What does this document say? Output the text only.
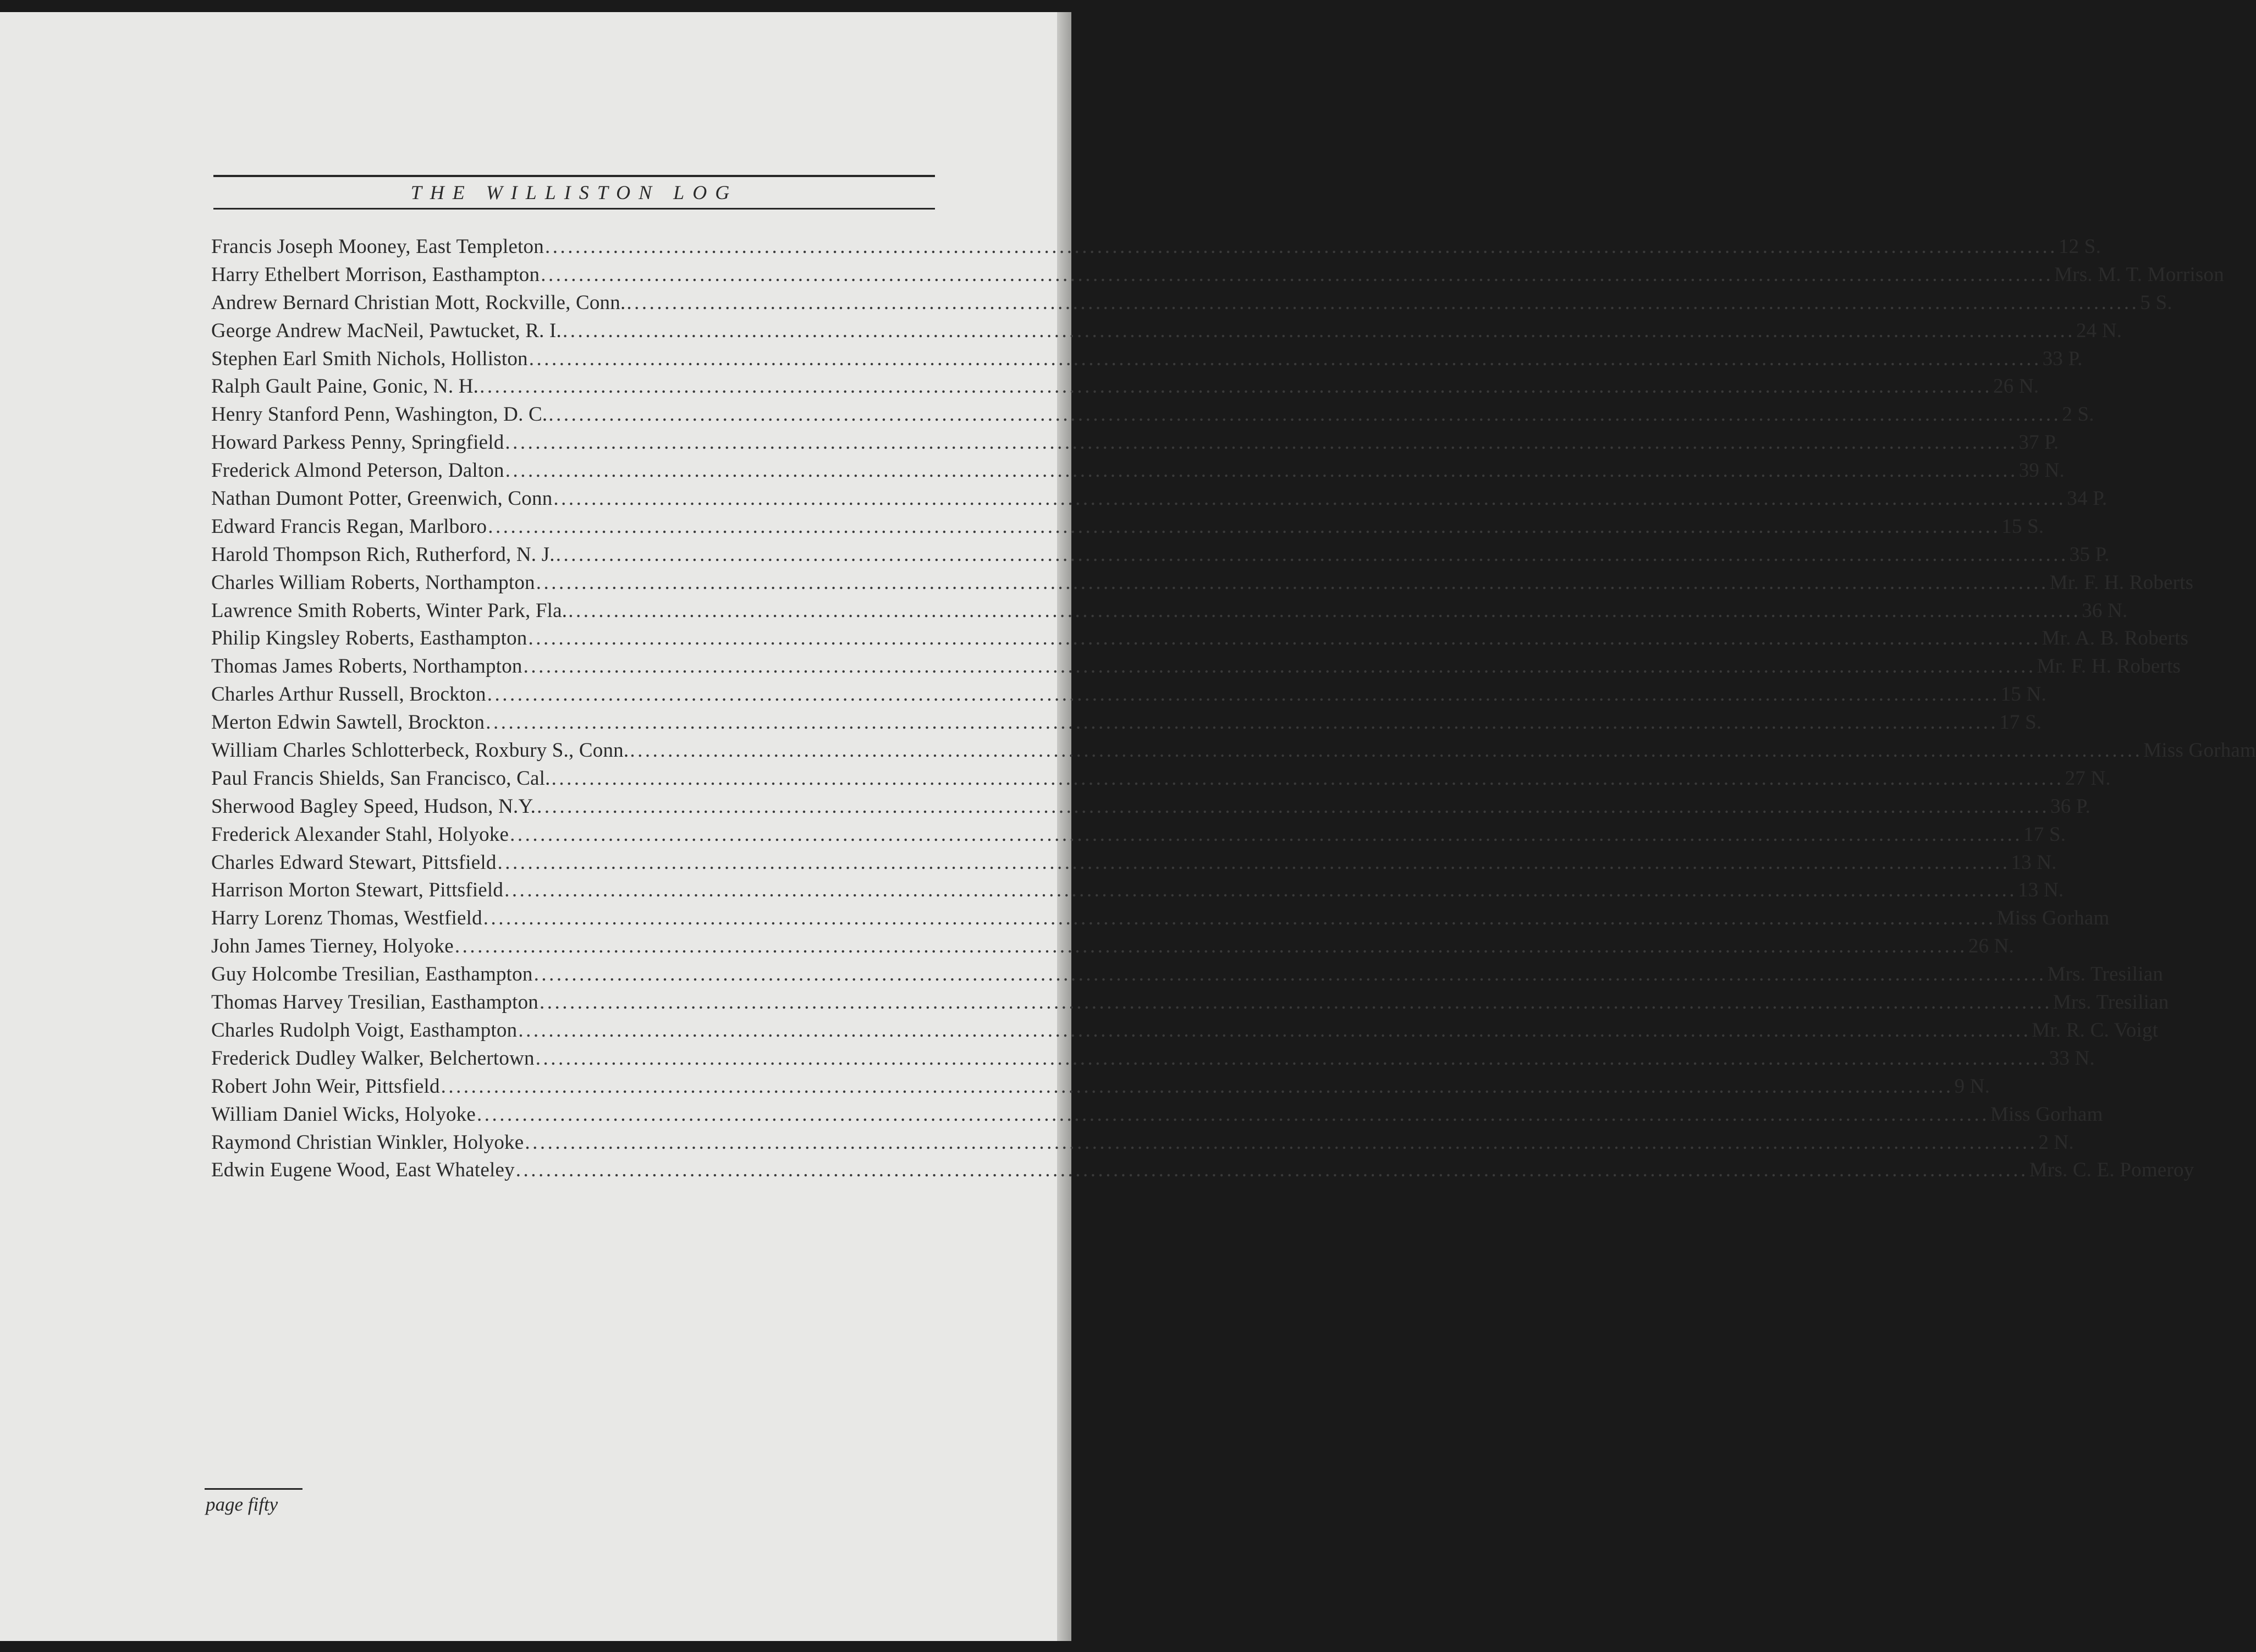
THE WILLISTON LOG
Francis Joseph Mooney, East Templeton ........................................................................................................................................................................................................ 12 S.
Harry Ethelbert Morrison, Easthampton ........................................................................................................................................................................................................ Mrs. M. T. Morrison
Andrew Bernard Christian Mott, Rockville, Conn. ........................................................................................................................................................................................................ 5 S.
George Andrew MacNeil, Pawtucket, R. I. ........................................................................................................................................................................................................ 24 N.
Stephen Earl Smith Nichols, Holliston ........................................................................................................................................................................................................ 33 P.
Ralph Gault Paine, Gonic, N. H. ........................................................................................................................................................................................................ 26 N.
Henry Stanford Penn, Washington, D. C. ........................................................................................................................................................................................................ 2 S.
Howard Parkess Penny, Springfield ........................................................................................................................................................................................................ 37 P.
Frederick Almond Peterson, Dalton ........................................................................................................................................................................................................ 39 N.
Nathan Dumont Potter, Greenwich, Conn ........................................................................................................................................................................................................ 34 P.
Edward Francis Regan, Marlboro ........................................................................................................................................................................................................ 15 S.
Harold Thompson Rich, Rutherford, N. J. ........................................................................................................................................................................................................ 35 P.
Charles William Roberts, Northampton ........................................................................................................................................................................................................ Mr. F. H. Roberts
Lawrence Smith Roberts, Winter Park, Fla. ........................................................................................................................................................................................................ 36 N.
Philip Kingsley Roberts, Easthampton ........................................................................................................................................................................................................ Mr. A. B. Roberts
Thomas James Roberts, Northampton ........................................................................................................................................................................................................ Mr. F. H. Roberts
Charles Arthur Russell, Brockton ........................................................................................................................................................................................................ 15 N.
Merton Edwin Sawtell, Brockton ........................................................................................................................................................................................................ 17 S.
William Charles Schlotterbeck, Roxbury S., Conn. ........................................................................................................................................................................................................ Miss Gorham
Paul Francis Shields, San Francisco, Cal. ........................................................................................................................................................................................................ 27 N.
Sherwood Bagley Speed, Hudson, N.Y. ........................................................................................................................................................................................................ 36 P.
Frederick Alexander Stahl, Holyoke ........................................................................................................................................................................................................ 17 S.
Charles Edward Stewart, Pittsfield ........................................................................................................................................................................................................ 13 N.
Harrison Morton Stewart, Pittsfield ........................................................................................................................................................................................................ 13 N.
Harry Lorenz Thomas, Westfield ........................................................................................................................................................................................................ Miss Gorham
John James Tierney, Holyoke ........................................................................................................................................................................................................ 26 N.
Guy Holcombe Tresilian, Easthampton ........................................................................................................................................................................................................ Mrs. Tresilian
Thomas Harvey Tresilian, Easthampton ........................................................................................................................................................................................................ Mrs. Tresilian
Charles Rudolph Voigt, Easthampton ........................................................................................................................................................................................................ Mr. R. C. Voigt
Frederick Dudley Walker, Belchertown ........................................................................................................................................................................................................ 33 N.
Robert John Weir, Pittsfield ........................................................................................................................................................................................................ 9 N.
William Daniel Wicks, Holyoke ........................................................................................................................................................................................................ Miss Gorham
Raymond Christian Winkler, Holyoke ........................................................................................................................................................................................................ 2 N.
Edwin Eugene Wood, East Whateley ........................................................................................................................................................................................................ Mrs. C. E. Pomeroy
page fifty
